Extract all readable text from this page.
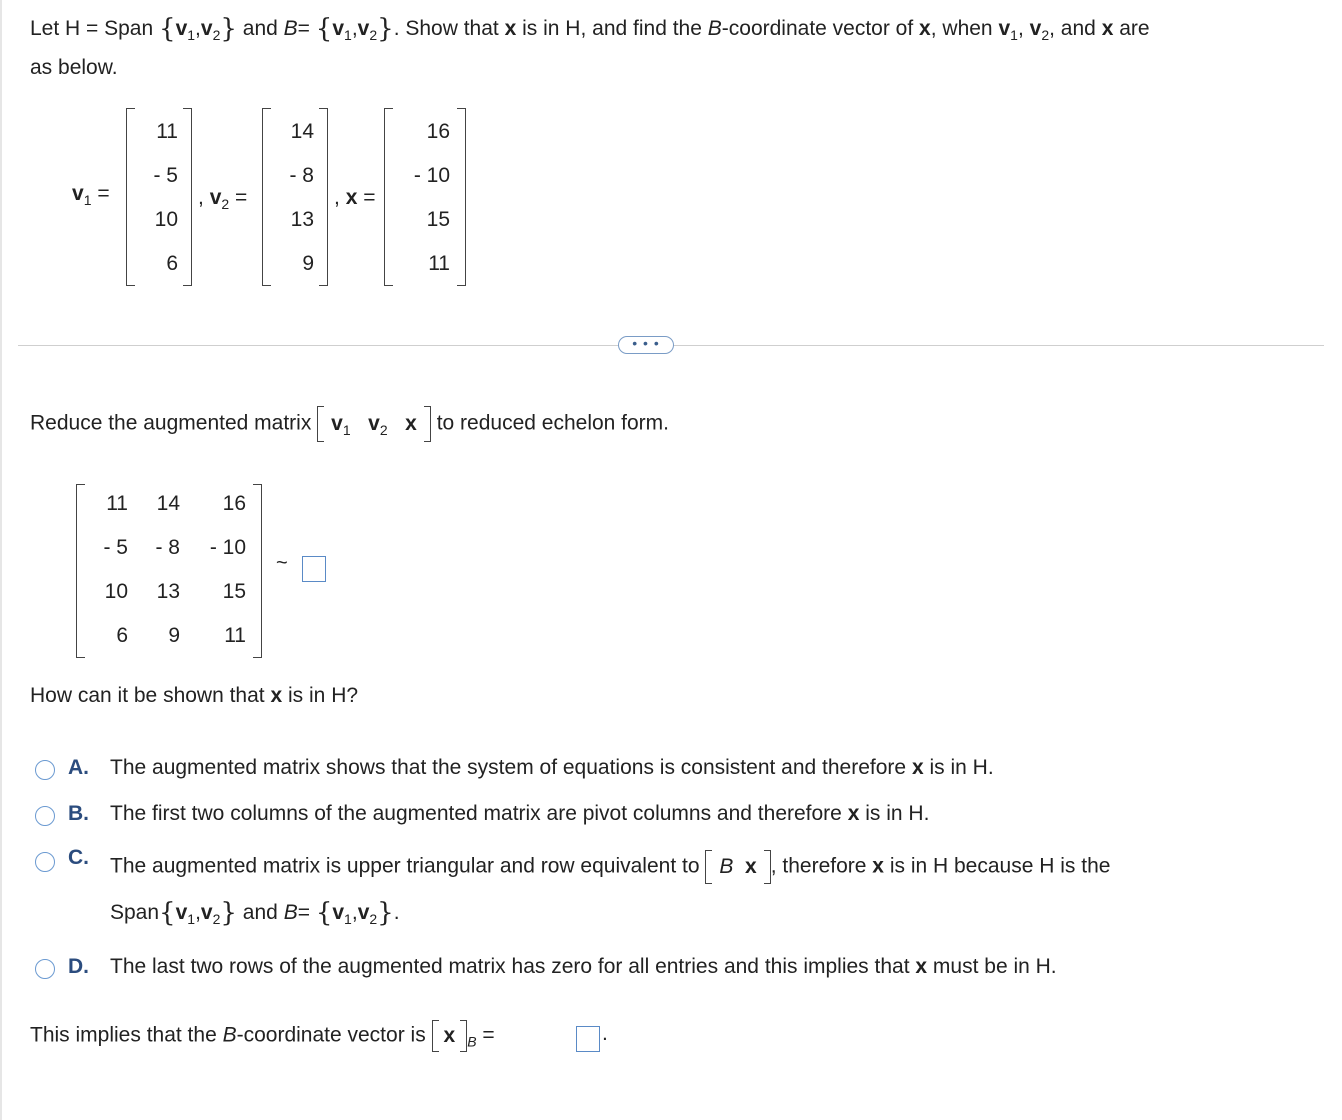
Let H = Span $\{v_1,v_2\}$ and $B= \{v_1,v_2\}$. Show that x is in H, and find the B-coordinate vector of x, when $v_1$, $v_2$, and x are
as below.
$v_1$ =
11
- 5
10
6
, $v_2$ =
14
- 8
13
9
, x =
16
- 10
15
11
• • •
Reduce the augmented matrix $v_1$ $v_2$ x to reduced echelon form.
11 14 16
- 5 - 8 - 10
10 13 15
6 9 11
~
How can it be shown that x is in H?
A. The augmented matrix shows that the system of equations is consistent and therefore x is in H.
B. The first two columns of the augmented matrix are pivot columns and therefore x is in H.
C. The augmented matrix is upper triangular and row equivalent to B x , therefore x is in H because H is the
$Span\{v_1,v_2\}$ and $B= \{v_1,v_2\}$.
D. The last two rows of the augmented matrix has zero for all entries and this implies that x must be in H.
This implies that the B-coordinate vector is x $_B$ =	.
